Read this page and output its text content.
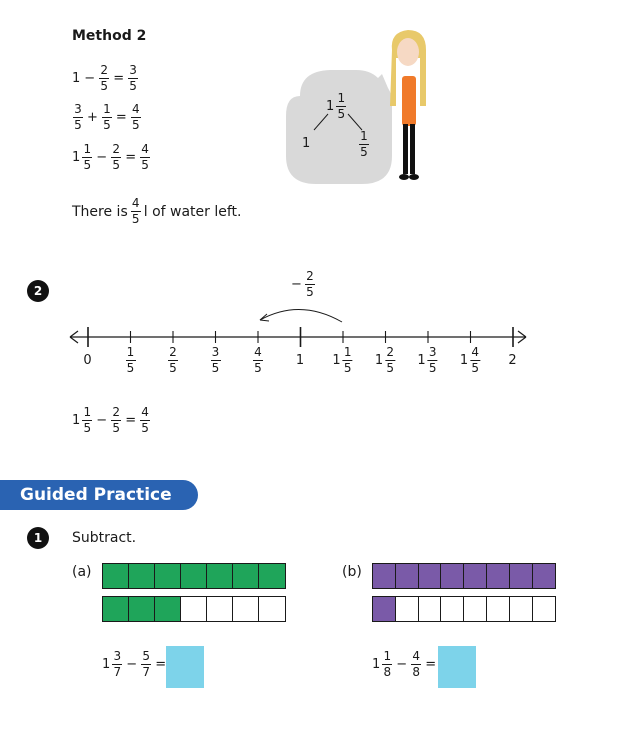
Method 2
$1 - \frac{2}{5} = \frac{3}{5}$
$\frac{3}{5} + \frac{1}{5} = \frac{4}{5}$
$1 \frac{1}{5} - \frac{2}{5} = \frac{4}{5}$
There is $\frac{4}{5}$ l of water left.
$1 \frac{1}{5}$
1	$\frac{1}{5}$
2	− $\frac{2}{5}$
0	$\frac{1}{5}$	$\frac{2}{5}$	$\frac{3}{5}$	$\frac{4}{5}$	1 $1 \frac{1}{5} 1 \frac{2}{5} 1 \frac{3}{5} 1 \frac{4}{5} 2$
$1 \frac{1}{5} - \frac{2}{5} = \frac{4}{5}$
Guided Practice
1	Subtract.
(a)
$1 \frac{3}{7} - \frac{5}{7}$ =
(b)
$1 \frac{1}{8} - \frac{4}{8}$ =
